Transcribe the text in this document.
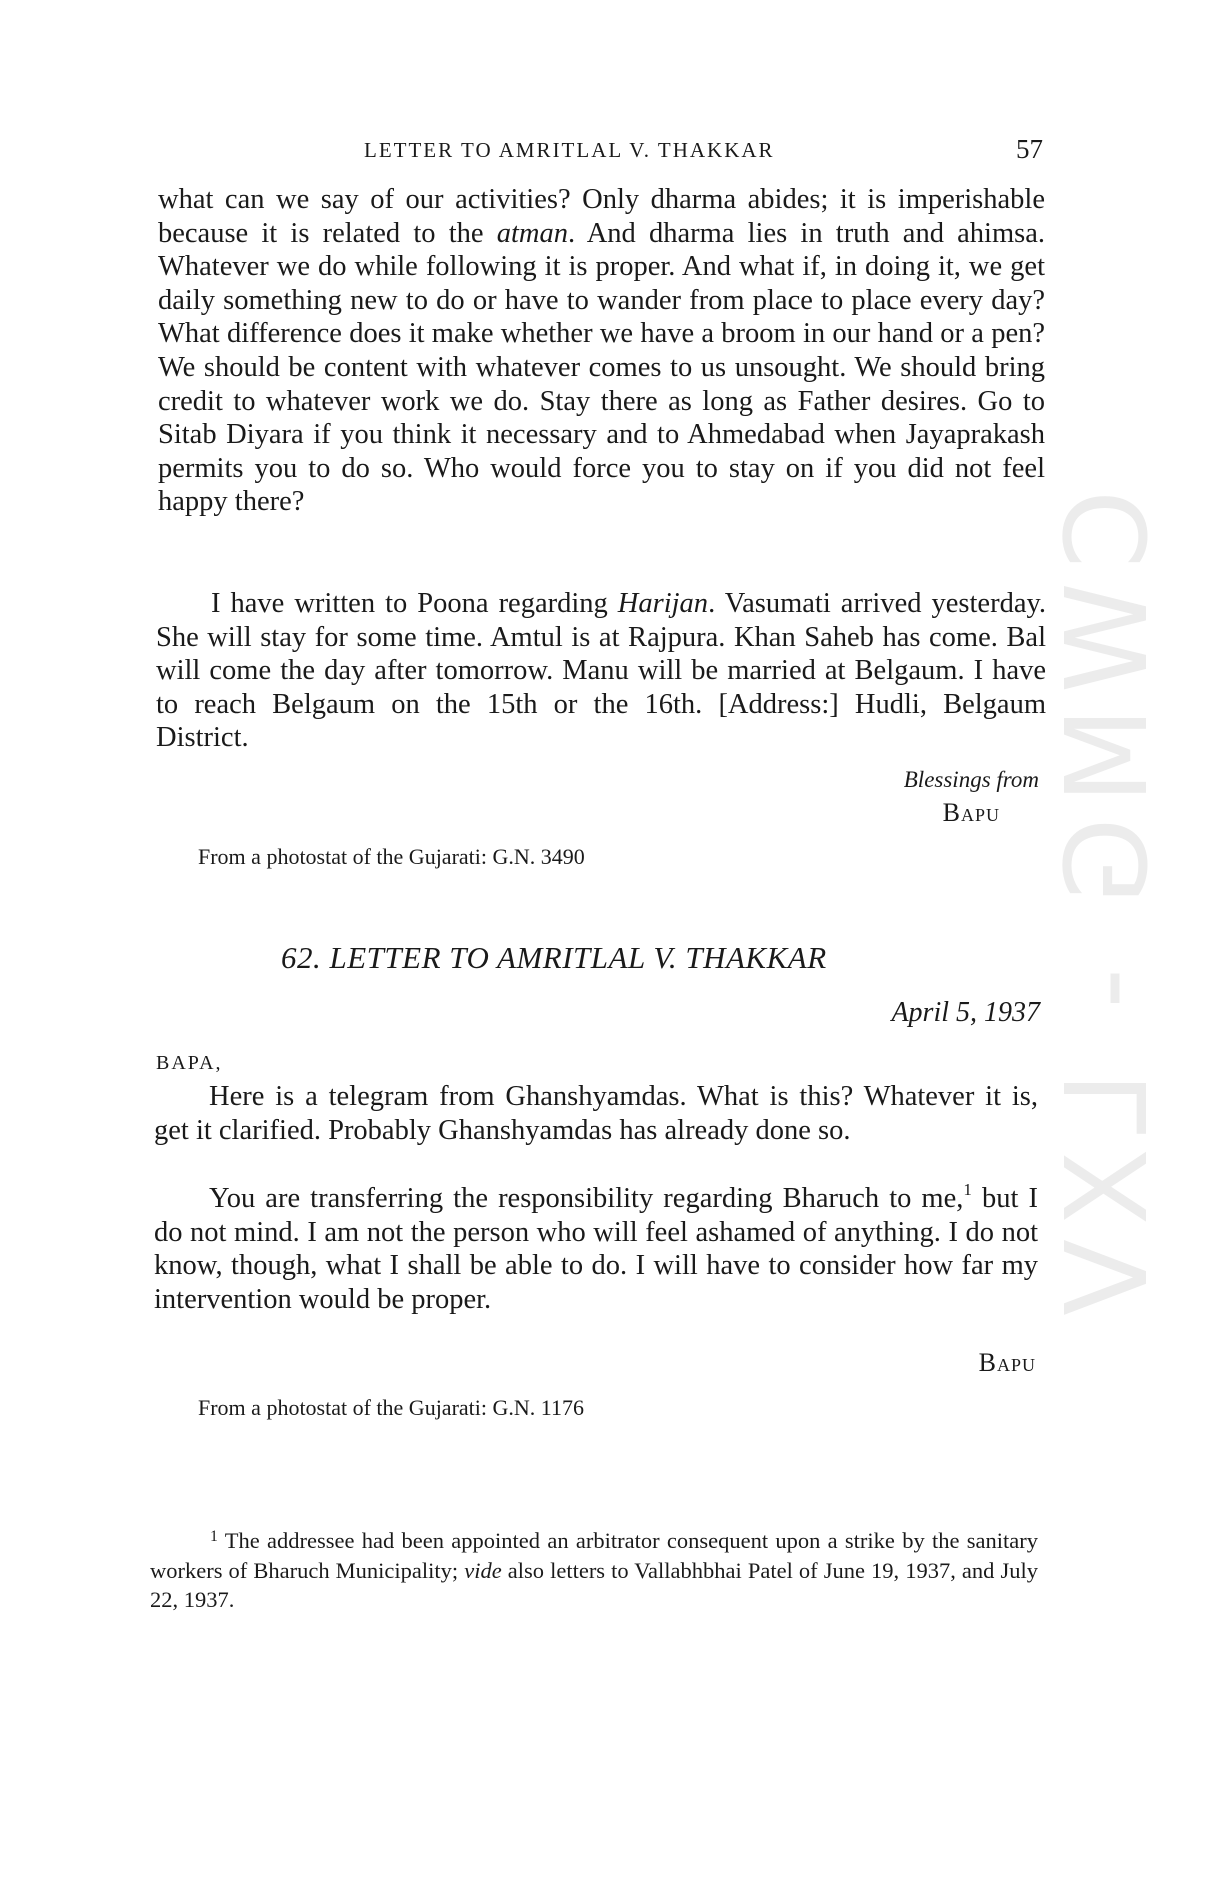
CWMG - LXV
LETTER TO AMRITLAL V. THAKKAR	57

what can we say of our activities? Only dharma abides; it is imperishable because it is related to the atman. And dharma lies in truth and ahimsa. Whatever we do while following it is proper. And what if, in doing it, we get daily something new to do or have to wander from place to place every day? What difference does it make whether we have a broom in our hand or a pen? We should be content with whatever comes to us unsought. We should bring credit to whatever work we do. Stay there as long as Father desires. Go to Sitab Diyara if you think it necessary and to Ahmedabad when Jayaprakash permits you to do so. Who would force you to stay on if you did not feel happy there?

I have written to Poona regarding Harijan. Vasumati arrived yesterday. She will stay for some time. Amtul is at Rajpura. Khan Saheb has come. Bal will come the day after tomorrow. Manu will be married at Belgaum. I have to reach Belgaum on the 15th or the 16th. [Address:] Hudli, Belgaum District.

Blessings from
Bapu
From a photostat of the Gujarati: G.N. 3490
62. LETTER TO AMRITLAL V. THAKKAR
April 5, 1937
BAPA,

Here is a telegram from Ghanshyamdas. What is this? Whatever it is, get it clarified. Probably Ghanshyamdas has already done so.

You are transferring the responsibility regarding Bharuch to me,$^1$ but I do not mind. I am not the person who will feel ashamed of anything. I do not know, though, what I shall be able to do. I will have to consider how far my intervention would be proper.

Bapu
From a photostat of the Gujarati: G.N. 1176

$^1$ The addressee had been appointed an arbitrator consequent upon a strike by the sanitary workers of Bharuch Municipality; vide also letters to Vallabhbhai Patel of June 19, 1937, and July 22, 1937.
